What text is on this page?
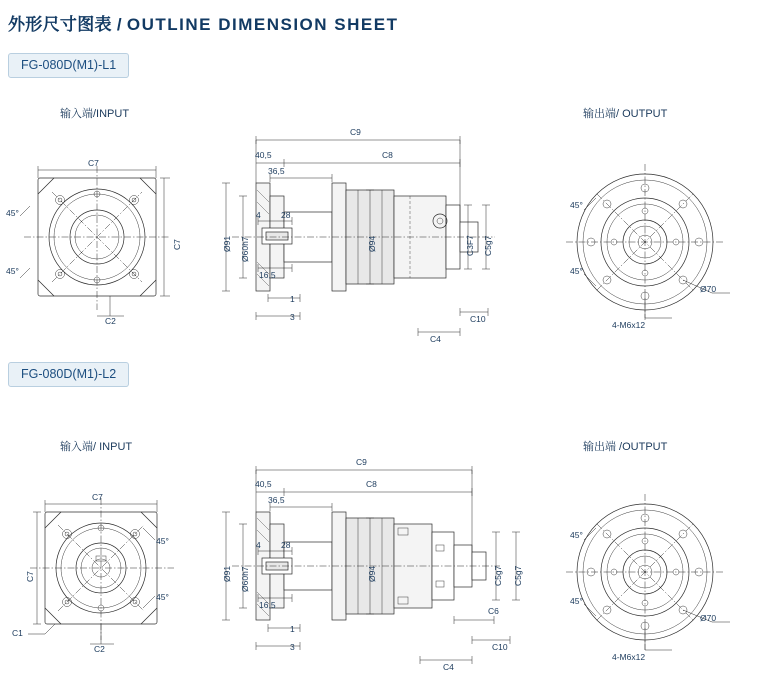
外形尺寸图表 / OUTLINE DIMENSION SHEET
FG-080D(M1)-L1
输入端/INPUT	输出端/ OUTPUT
C7
C7
C2
45°
45°
C9
C8
40,5
36,5
4 28
16,5
1
3
Ø91 Ø60h7	Ø94	C3F7 C5g7
C4
C10
45°
45°
Ø70
4-M6x12
FG-080D(M1)-L2
输入端/ INPUT	输出端 /OUTPUT
C7
C7
C1
C2
45°
45°
C9
C8
40,5
36,5
4 28
16,5
1
3
Ø91 Ø60h7	Ø94	C5g7 C5g7
C6
C4
C10
45°
45°
Ø70
4-M6x12
